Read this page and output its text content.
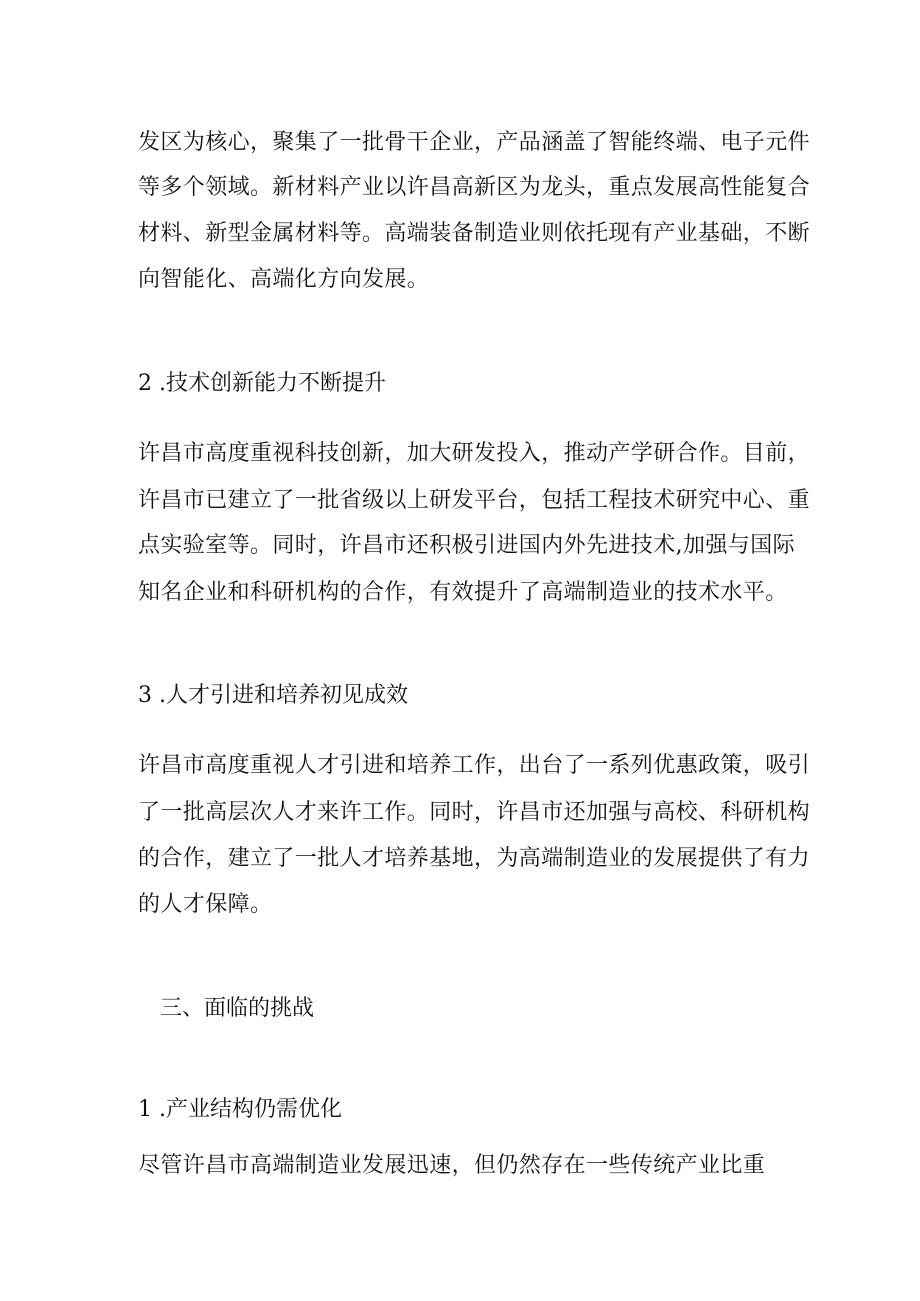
发区为核心，聚集了一批骨干企业，产品涵盖了智能终端、电子元件

等多个领域。新材料产业以许昌高新区为龙头，重点发展高性能复合

材料、新型金属材料等。高端装备制造业则依托现有产业基础，不断

向智能化、高端化方向发展。

2 .技术创新能力不断提升

许昌市高度重视科技创新，加大研发投入，推动产学研合作。目前，

许昌市已建立了一批省级以上研发平台，包括工程技术研究中心、重

点实验室等。同时，许昌市还积极引进国内外先进技术,加强与国际

知名企业和科研机构的合作，有效提升了高端制造业的技术水平。

3 .人才引进和培养初见成效

许昌市高度重视人才引进和培养工作，出台了一系列优惠政策，吸引

了一批高层次人才来许工作。同时，许昌市还加强与高校、科研机构

的合作，建立了一批人才培养基地，为高端制造业的发展提供了有力

的人才保障。

三、面临的挑战
1 .产业结构仍需优化

尽管许昌市高端制造业发展迅速，但仍然存在一些传统产业比重
